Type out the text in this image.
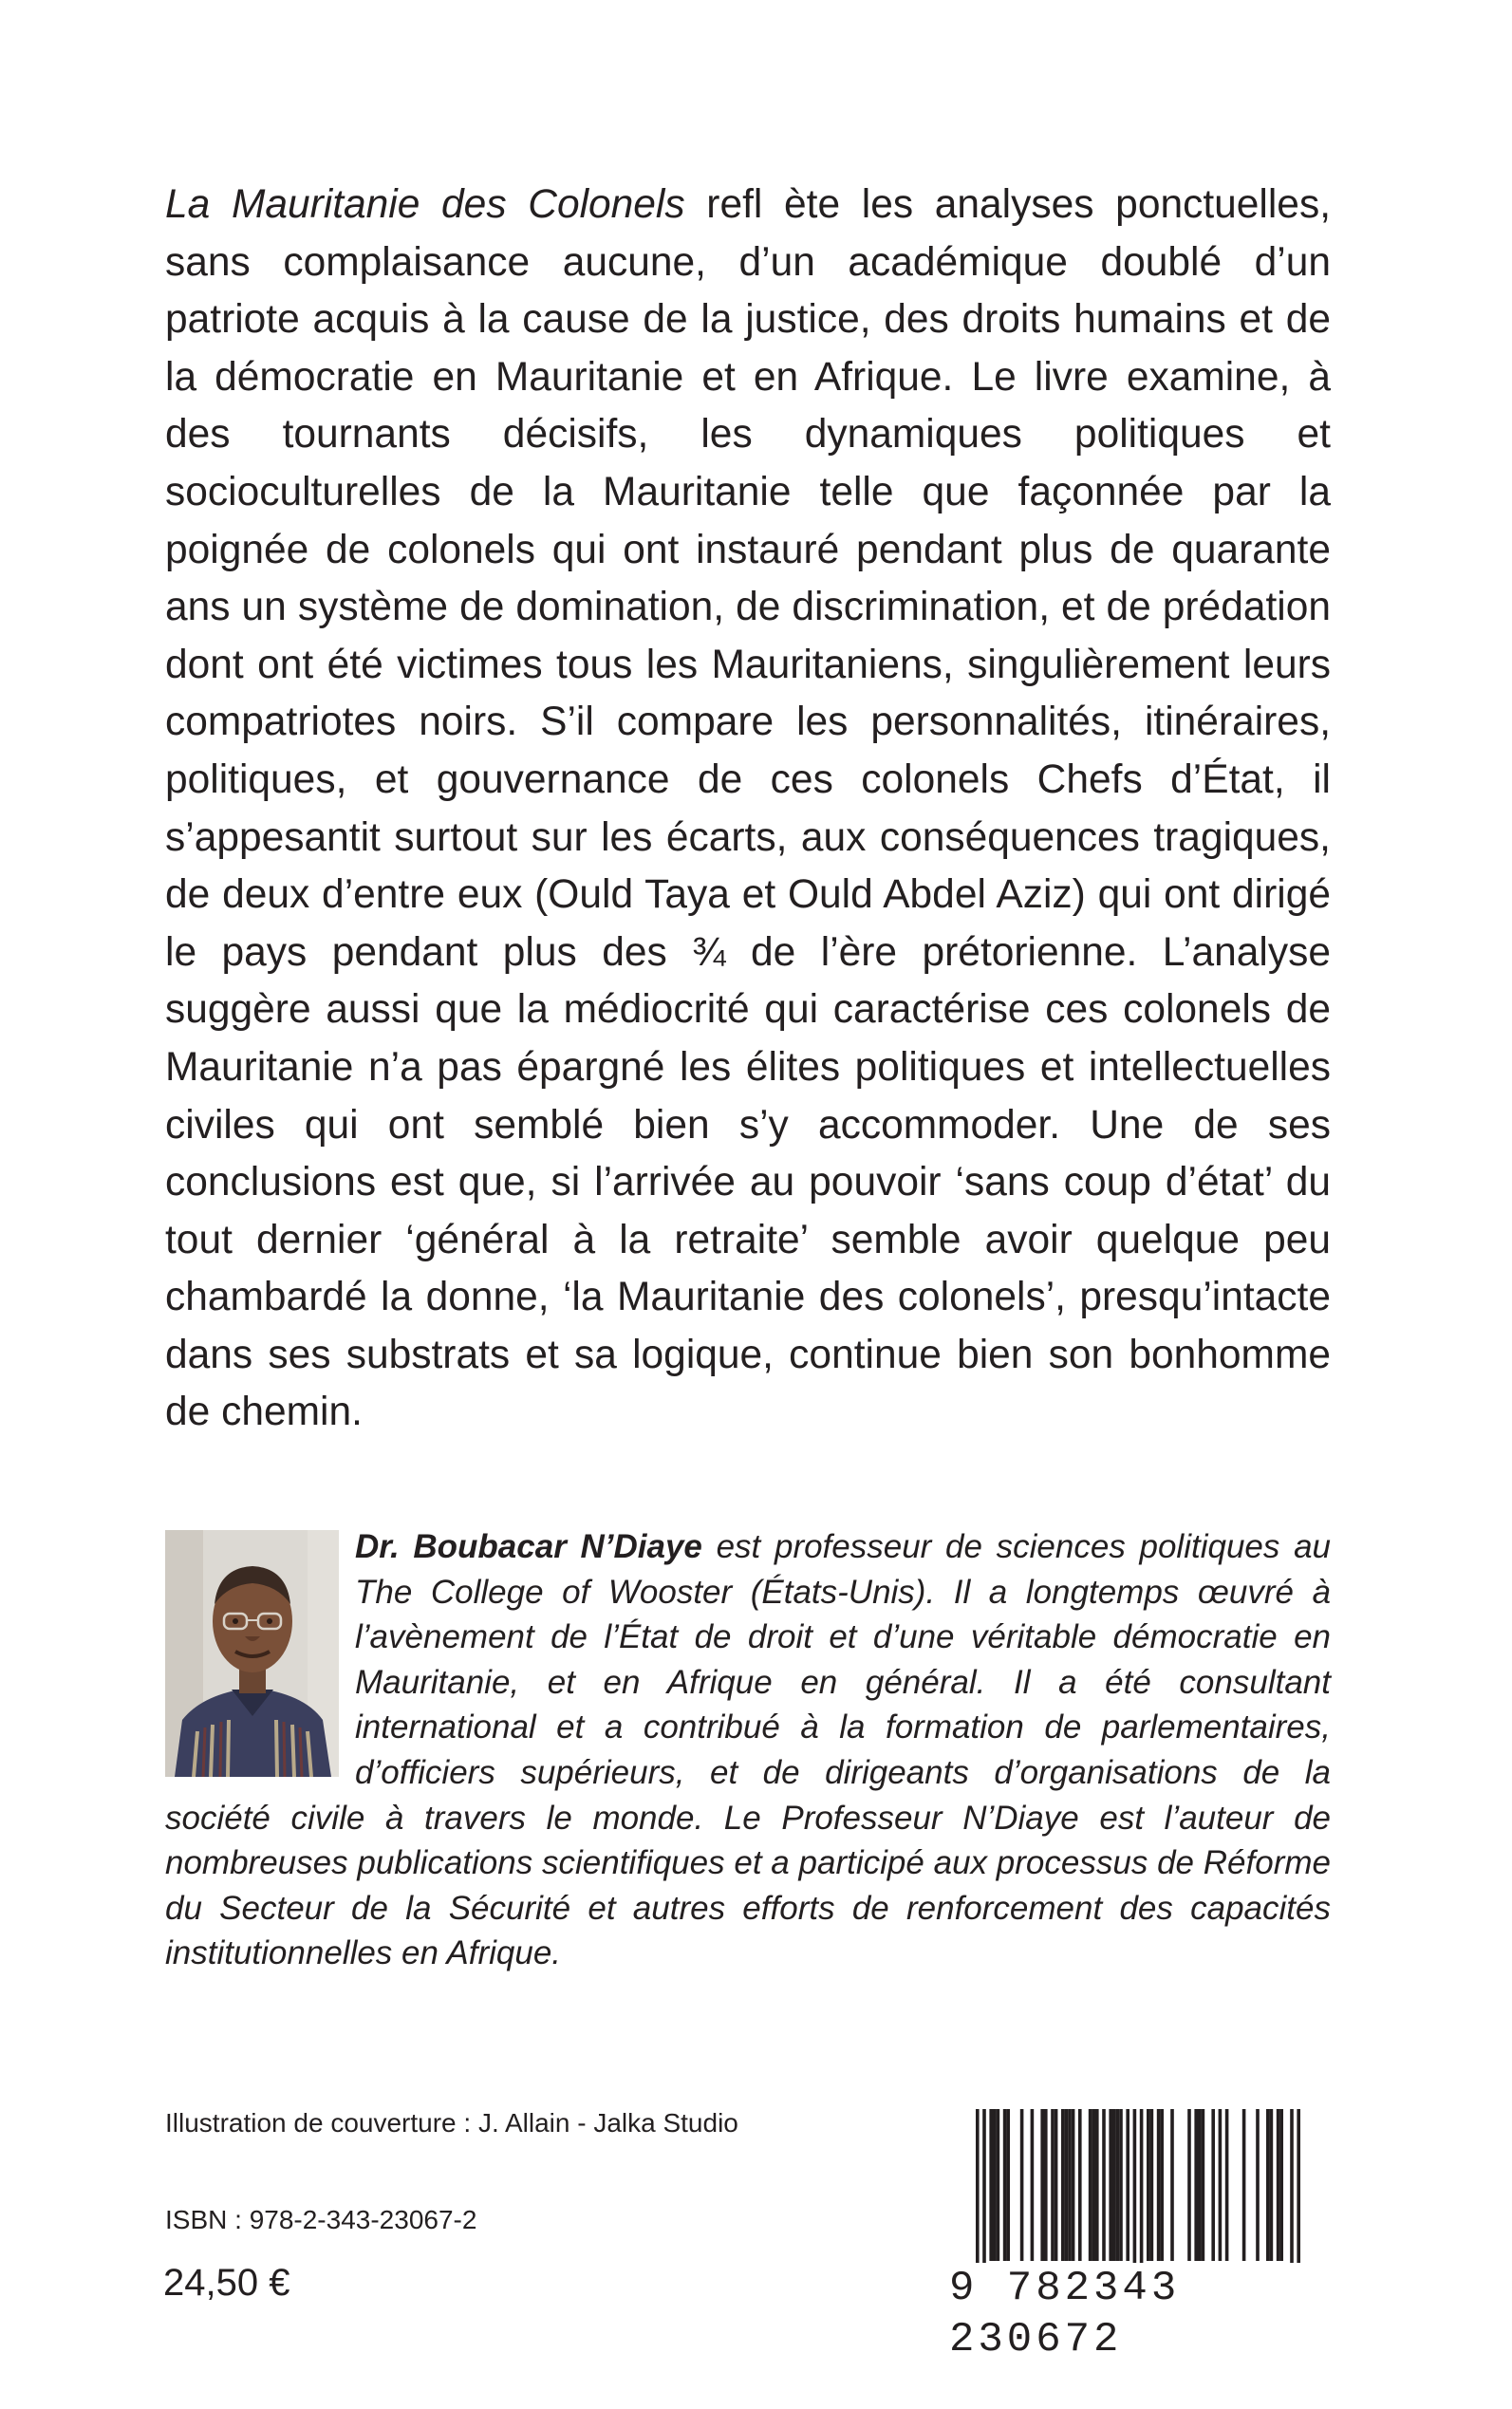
La Mauritanie des Colonels refl ète les analyses ponctuelles, sans complaisance aucune, d’un académique doublé d’un patriote acquis à la cause de la justice, des droits humains et de la démocratie en Mauritanie et en Afrique. Le livre examine, à des tournants décisifs, les dynamiques politiques et socioculturelles de la Mauritanie telle que façonnée par la poignée de colonels qui ont instauré pendant plus de quarante ans un système de domination, de discrimination, et de prédation dont ont été victimes tous les Mauritaniens, singulièrement leurs compatriotes noirs. S’il compare les personnalités, itinéraires, politiques, et gouvernance de ces colonels Chefs d’État, il s’appesantit surtout sur les écarts, aux conséquences tragiques, de deux d’entre eux (Ould Taya et Ould Abdel Aziz) qui ont dirigé le pays pendant plus des ¾ de l’ère prétorienne. L’analyse suggère aussi que la médiocrité qui caractérise ces colonels de Mauritanie n’a pas épargné les élites politiques et intellectuelles civiles qui ont semblé bien s’y accommoder. Une de ses conclusions est que, si l’arrivée au pouvoir ‘sans coup d’état’ du tout dernier ‘général à la retraite’ semble avoir quelque peu chambardé la donne, ‘la Mauritanie des colonels’, presqu’intacte dans ses substrats et sa logique, continue bien son bonhomme de chemin.

Dr. Boubacar N’Diaye est professeur de sciences politiques au The College of Wooster (États-Unis). Il a longtemps œuvré à l’avènement de l’État de droit et d’une véritable démocratie en Mauritanie, et en Afrique en général. Il a été consultant international et a contribué à la formation de parlementaires, d’officiers supérieurs, et de dirigeants d’organisations de la société civile à travers le monde. Le Professeur N’Diaye est l’auteur de nombreuses publications scientifiques et a participé aux processus de Réforme du Secteur de la Sécurité et autres efforts de renforcement des capacités institutionnelles en Afrique.

Illustration de couverture : J. Allain - Jalka Studio
ISBN : 978-2-343-23067-2
24,50 €	9 782343 230672
